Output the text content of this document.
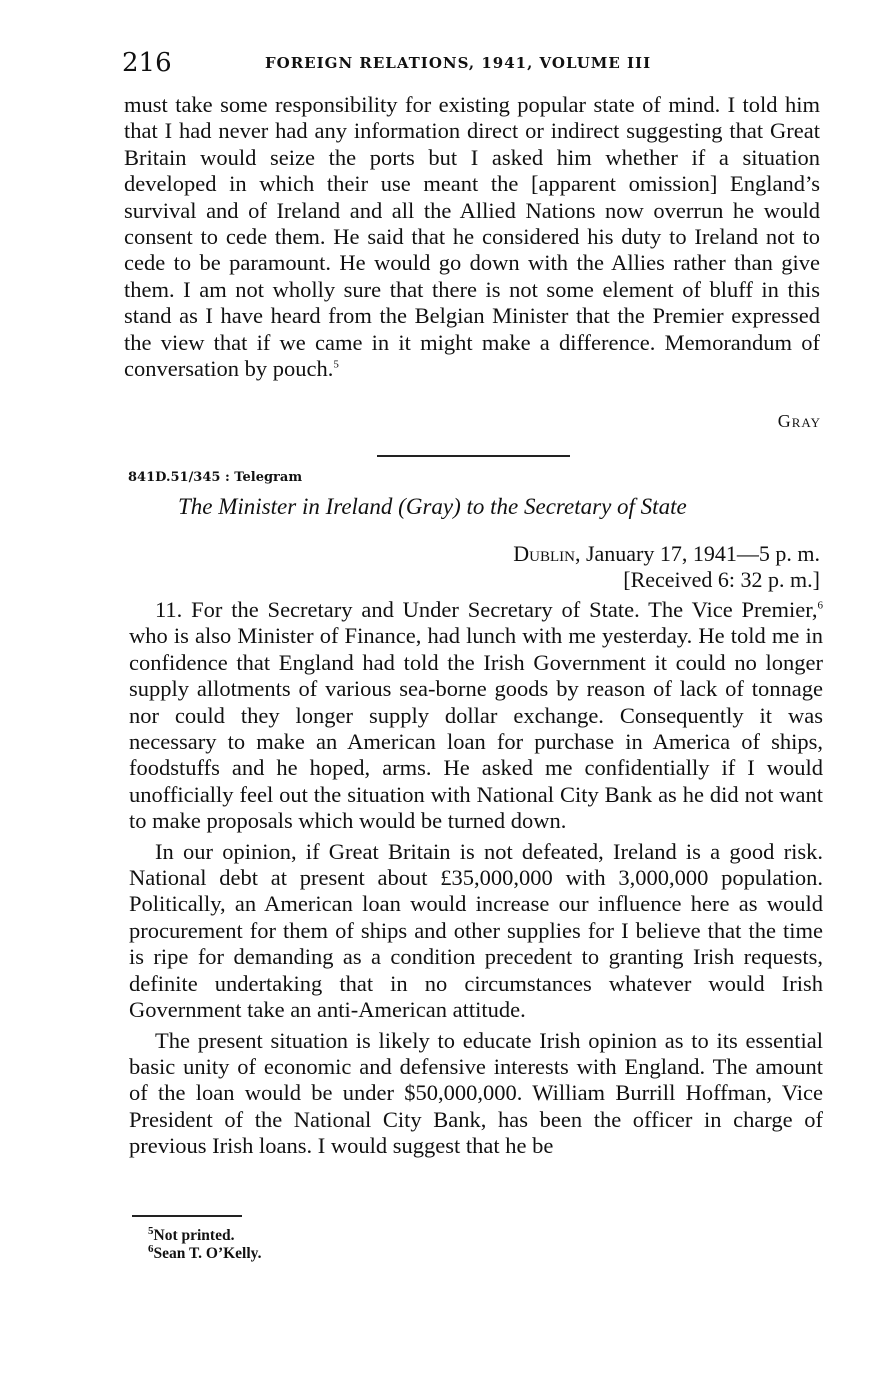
216	FOREIGN RELATIONS, 1941, VOLUME III

must take some responsibility for existing popular state of mind. I told him that I had never had any information direct or indirect suggesting that Great Britain would seize the ports but I asked him whether if a situation developed in which their use meant the [apparent omission] England’s survival and of Ireland and all the Allied Nations now overrun he would consent to cede them. He said that he considered his duty to Ireland not to cede to be paramount. He would go down with the Allies rather than give them. I am not wholly sure that there is not some element of bluff in this stand as I have heard from the Belgian Minister that the Premier expressed the view that if we came in it might make a difference. Memorandum of conversation by pouch.$^5$

Gray
841D.51/345 : Telegram
The Minister in Ireland (Gray) to the Secretary of State
Dublin, January 17, 1941—5 p. m.
[Received 6: 32 p. m.]

11. For the Secretary and Under Secretary of State. The Vice Premier,$^6$ who is also Minister of Finance, had lunch with me yesterday. He told me in confidence that England had told the Irish Government it could no longer supply allotments of various sea-borne goods by reason of lack of tonnage nor could they longer supply dollar exchange. Consequently it was necessary to make an American loan for purchase in America of ships, foodstuffs and he hoped, arms. He asked me confidentially if I would unofficially feel out the situation with National City Bank as he did not want to make proposals which would be turned down.

In our opinion, if Great Britain is not defeated, Ireland is a good risk. National debt at present about £35,000,000 with 3,000,000 population. Politically, an American loan would increase our influence here as would procurement for them of ships and other supplies for I believe that the time is ripe for demanding as a condition precedent to granting Irish requests, definite undertaking that in no circumstances whatever would Irish Government take an anti-American attitude.

The present situation is likely to educate Irish opinion as to its essential basic unity of economic and defensive interests with England. The amount of the loan would be under $50,000,000. William Burrill Hoffman, Vice President of the National City Bank, has been the officer in charge of previous Irish loans. I would suggest that he be

$^5$Not printed.
$^6$Sean T. O’Kelly.
